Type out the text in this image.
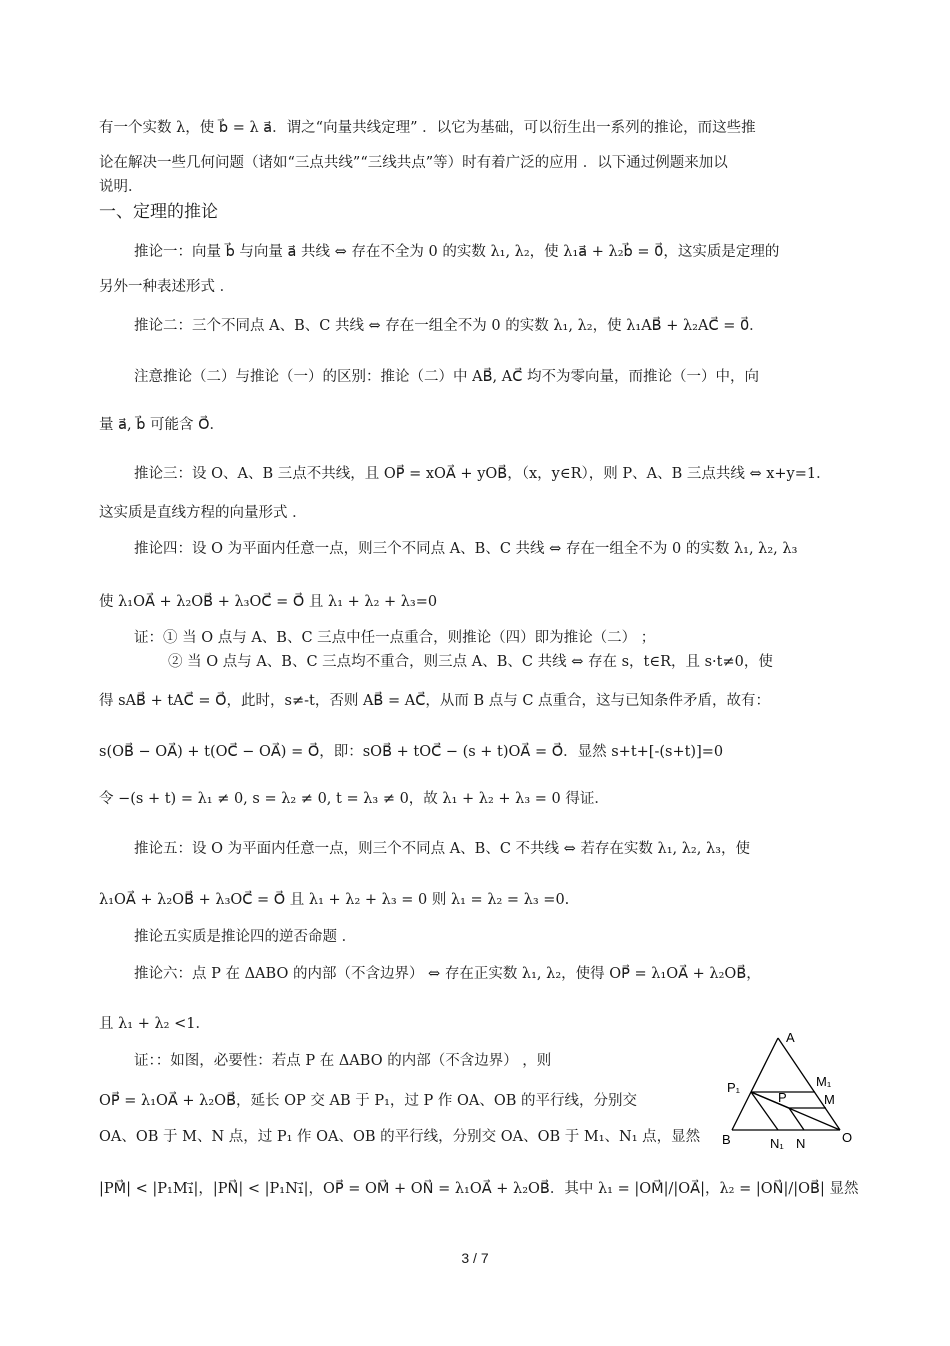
有一个实数 λ，使 b⃗ = λ a⃗．谓之“向量共线定理” ．以它为基础，可以衍生出一系列的推论，而这些推
论在解决一些几何问题（诸如“三点共线”“三线共点”等）时有着广泛的应用 ．以下通过例题来加以
说明．
一、定理的推论
推论一：向量 b⃗ 与向量 a⃗ 共线 ⇔ 存在不全为 0 的实数 λ₁, λ₂，使 λ₁a⃗ + λ₂b⃗ = 0⃗，这实质是定理的
另外一种表述形式 ．
推论二：三个不同点 A、B、C 共线 ⇔ 存在一组全不为 0 的实数 λ₁, λ₂，使 λ₁AB⃗ + λ₂AC⃗ = 0⃗．
注意推论（二）与推论（一）的区别：推论（二）中 AB⃗, AC⃗ 均不为零向量，而推论（一）中，向
量 a⃗, b⃗ 可能含 O⃗．
推论三：设 O、A、B 三点不共线，且 OP⃗ = xOA⃗ + yOB⃗，（x，y∈R），则 P、A、B 三点共线 ⇔ x+y=1．
这实质是直线方程的向量形式 ．
推论四：设 O 为平面内任意一点，则三个不同点 A、B、C 共线 ⇔ 存在一组全不为 0 的实数 λ₁, λ₂, λ₃
使 λ₁OA⃗ + λ₂OB⃗ + λ₃OC⃗ = O⃗ 且 λ₁ + λ₂ + λ₃=0
证：① 当 O 点与 A、B、C 三点中任一点重合，则推论（四）即为推论（二） ；
② 当 O 点与 A、B、C 三点均不重合，则三点 A、B、C 共线 ⇔ 存在 s，t∈R，且 s·t≠0，使
得 sAB⃗ + tAC⃗ = O⃗，此时，s≠-t，否则 AB⃗ = AC⃗，从而 B 点与 C 点重合，这与已知条件矛盾，故有：
s(OB⃗ − OA⃗) + t(OC⃗ − OA⃗) = O⃗，即：sOB⃗ + tOC⃗ − (s + t)OA⃗ = O⃗．显然 s+t+[-(s+t)]=0
令 −(s + t) = λ₁ ≠ 0, s = λ₂ ≠ 0, t = λ₃ ≠ 0，故 λ₁ + λ₂ + λ₃ = 0 得证．
推论五：设 O 为平面内任意一点，则三个不同点 A、B、C 不共线 ⇔ 若存在实数 λ₁, λ₂, λ₃，使
λ₁OA⃗ + λ₂OB⃗ + λ₃OC⃗ = O⃗ 且 λ₁ + λ₂ + λ₃ = 0 则 λ₁ = λ₂ = λ₃ =0.
推论五实质是推论四的逆否命题 ．
推论六：点 P 在 ΔABO 的内部（不含边界） ⇔ 存在正实数 λ₁, λ₂，使得 OP⃗ = λ₁OA⃗ + λ₂OB⃗，
且 λ₁ + λ₂ <1．
证：：如图，必要性：若点 P 在 ΔABO 的内部（不含边界） ，则
OP⃗ = λ₁OA⃗ + λ₂OB⃗，延长 OP 交 AB 于 P₁，过 P 作 OA、OB 的平行线，分别交
OA、OB 于 M、N 点，过 P₁ 作 OA、OB 的平行线，分别交 OA、OB 于 M₁、N₁ 点，显然
|PM⃗| < |P₁M₁⃗|，|PN⃗| < |P₁N₁⃗|，OP⃗ = OM⃗ + ON⃗ = λ₁OA⃗ + λ₂OB⃗．其中 λ₁ = |OM⃗|/|OA⃗|，λ₂ = |ON⃗|/|OB⃗| 显然
A
P₁	M₁
P	M
B	N₁ N	O
3 / 7
